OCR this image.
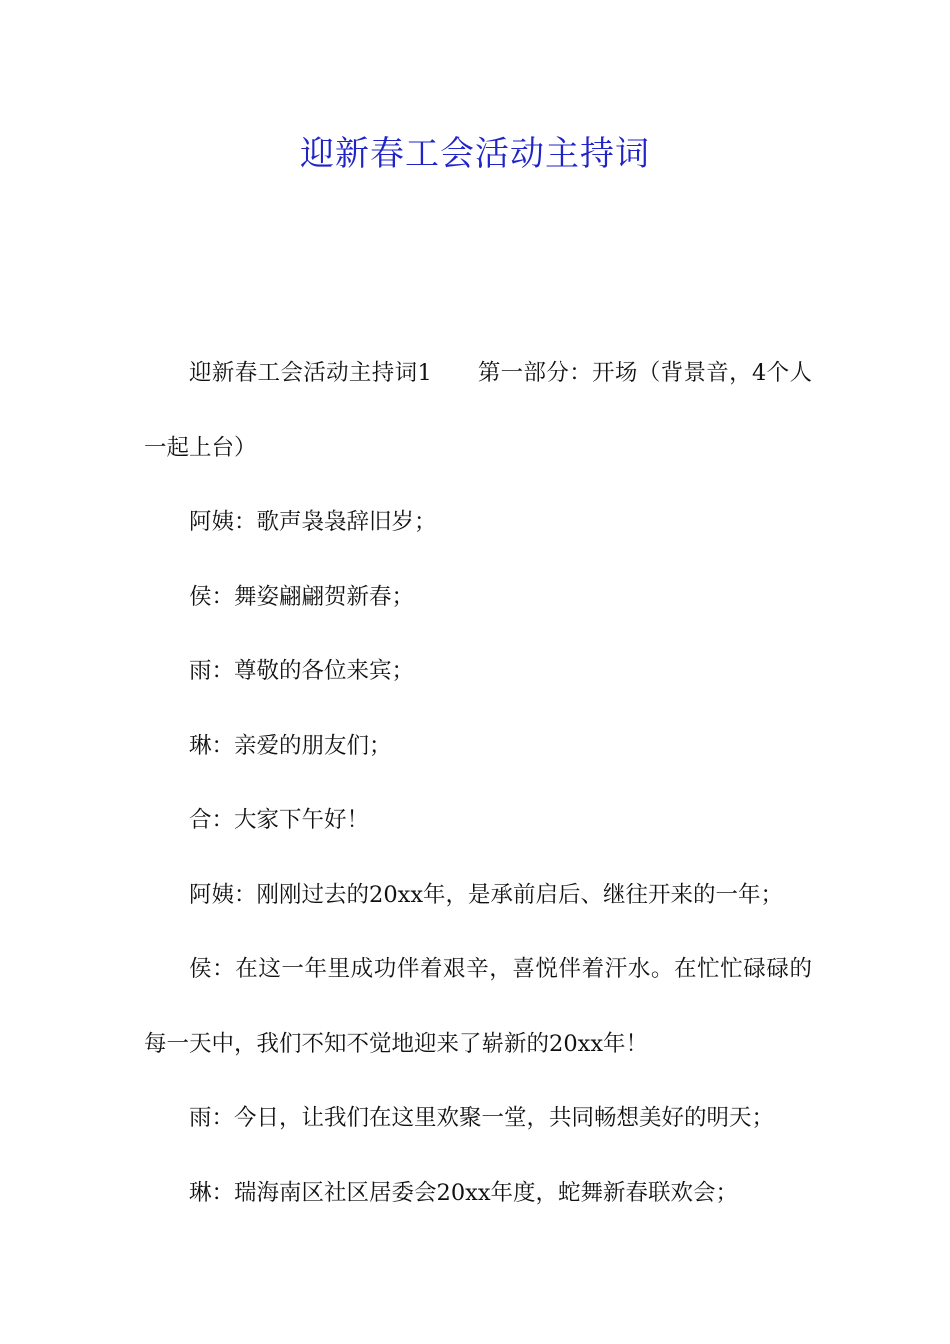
迎新春工会活动主持词

迎新春工会活动主持词1　　第一部分：开场（背景音，4个人一起上台）

阿姨：歌声袅袅辞旧岁；

侯：舞姿翩翩贺新春；

雨：尊敬的各位来宾；

琳：亲爱的朋友们；

合：大家下午好！

阿姨：刚刚过去的20xx年，是承前启后、继往开来的一年；

侯：在这一年里成功伴着艰辛，喜悦伴着汗水。在忙忙碌碌的每一天中，我们不知不觉地迎来了崭新的20xx年！

雨：今日，让我们在这里欢聚一堂，共同畅想美好的明天；

琳：瑞海南区社区居委会20xx年度，蛇舞新春联欢会；
